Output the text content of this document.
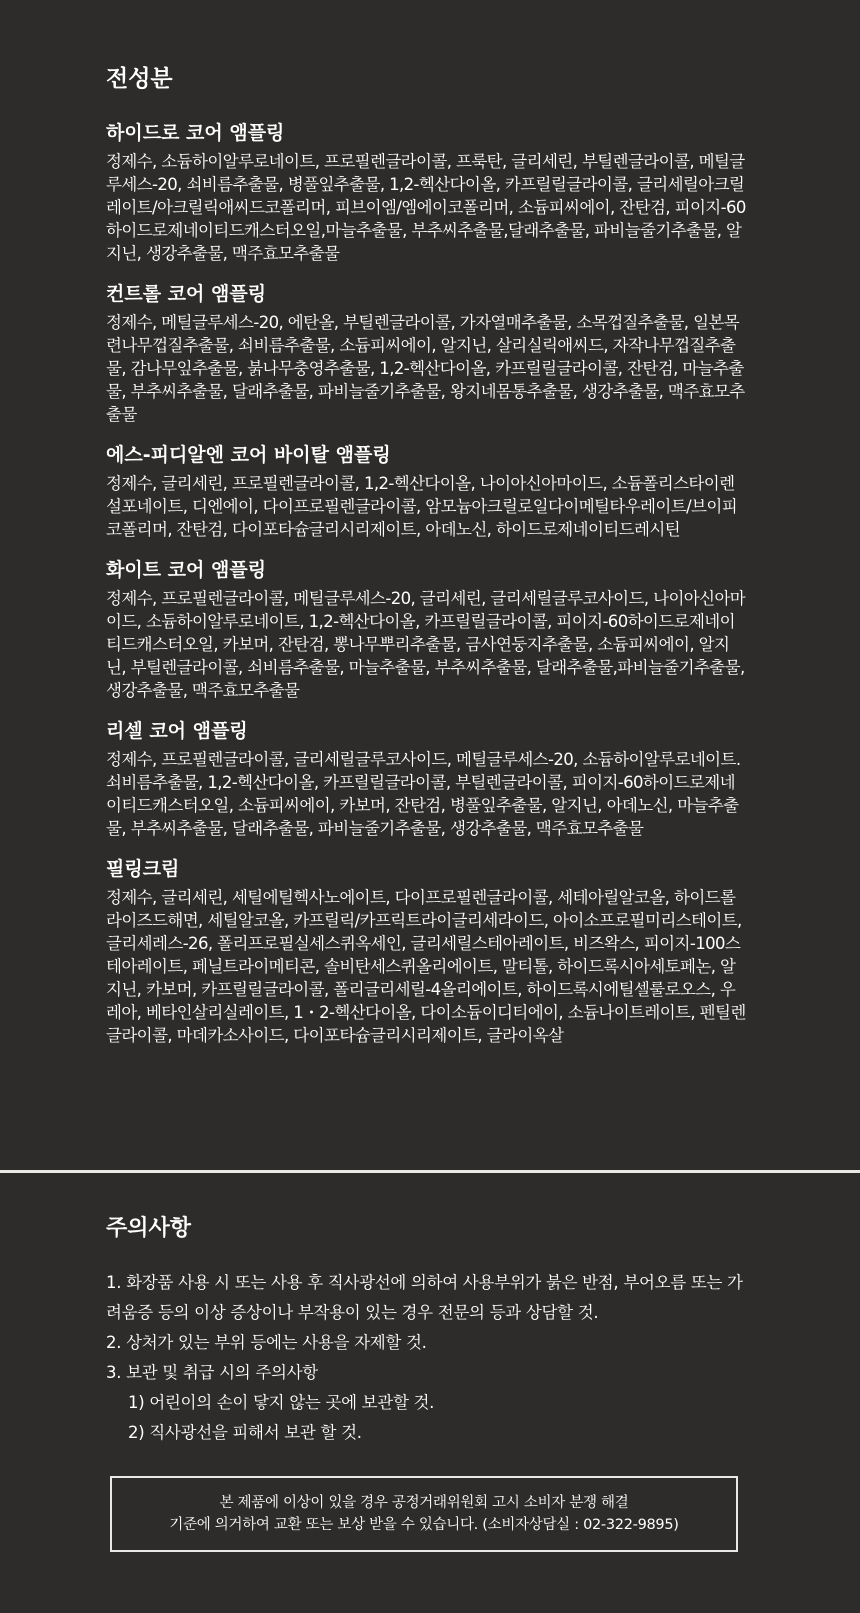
전성분
하이드로 코어 앰플링

정제수, 소듐하이알루로네이트, 프로필렌글라이콜, 프룩탄, 글리세린, 부틸렌글라이콜, 메틸글루세스-20, 쇠비름추출물, 병풀잎추출물, 1,2-헥산다이올, 카프릴릴글라이콜, 글리세릴아크릴레이트/아크릴릭애씨드코폴리머, 피브이엠/엠에이코폴리머, 소듐피씨에이, 잔탄검, 피이지-60하이드로제네이티드캐스터오일,마늘추출물, 부추씨추출물,달래추출물, 파비늘줄기추출물, 알지닌, 생강추출물, 맥주효모추출물

컨트롤 코어 앰플링

정제수, 메틸글루세스-20, 에탄올, 부틸렌글라이콜, 가자열매추출물, 소목껍질추출물, 일본목련나무껍질추출물, 쇠비름추출물, 소듐피씨에이, 알지닌, 살리실릭애씨드, 자작나무껍질추출물, 감나무잎추출물, 붉나무충영추출물, 1,2-헥산다이올, 카프릴릴글라이콜, 잔탄검, 마늘추출물, 부추씨추출물, 달래추출물, 파비늘줄기추출물, 왕지네몸통추출물, 생강추출물, 맥주효모추출물

에스-피디알엔 코어 바이탈 앰플링

정제수, 글리세린, 프로필렌글라이콜, 1,2-헥산다이올, 나이아신아마이드, 소듐폴리스타이렌설포네이트, 디엔에이, 다이프로필렌글라이콜, 암모늄아크릴로일다이메틸타우레이트/브이피코폴리머, 잔탄검, 다이포타슘글리시리제이트, 아데노신, 하이드로제네이티드레시틴

화이트 코어 앰플링

정제수, 프로필렌글라이콜, 메틸글루세스-20, 글리세린, 글리세릴글루코사이드, 나이아신아마이드, 소듐하이알루로네이트, 1,2-헥산다이올, 카프릴릴글라이콜, 피이지-60하이드로제네이티드캐스터오일, 카보머, 잔탄검, 뽕나무뿌리추출물, 금사연둥지추출물, 소듐피씨에이, 알지닌, 부틸렌글라이콜, 쇠비름추출물, 마늘추출물, 부추씨추출물, 달래추출물,파비늘줄기추출물, 생강추출물, 맥주효모추출물

리셀 코어 앰플링

정제수, 프로필렌글라이콜, 글리세릴글루코사이드, 메틸글루세스-20, 소듐하이알루로네이트. 쇠비름추출물, 1,2-헥산다이올, 카프릴릴글라이콜, 부틸렌글라이콜, 피이지-60하이드로제네이티드캐스터오일, 소듐피씨에이, 카보머, 잔탄검, 병풀잎추출물, 알지닌, 아데노신, 마늘추출물, 부추씨추출물, 달래추출물, 파비늘줄기추출물, 생강추출물, 맥주효모추출물

필링크림

정제수, 글리세린, 세틸에틸헥사노에이트, 다이프로필렌글라이콜, 세테아릴알코올, 하이드롤라이즈드해면, 세틸알코올, 카프릴릭/카프릭트라이글리세라이드, 아이소프로필미리스테이트, 글리세레스-26, 폴리프로필실세스퀴옥세인, 글리세릴스테아레이트, 비즈왁스, 피이지-100스테아레이트, 페닐트라이메티콘, 솔비탄세스퀴올리에이트, 말티톨, 하이드록시아세토페논, 알지닌, 카보머, 카프릴릴글라이콜, 폴리글리세릴-4올리에이트, 하이드록시에틸셀룰로오스, 우레아, 베타인살리실레이트, 1・2-헥산다이올, 다이소듐이디티에이, 소듐나이트레이트, 펜틸렌글라이콜, 마데카소사이드, 다이포타슘글리시리제이트, 글라이옥살

주의사항

1. 화장품 사용 시 또는 사용 후 직사광선에 의하여 사용부위가 붉은 반점, 부어오름 또는 가려움증 등의 이상 증상이나 부작용이 있는 경우 전문의 등과 상담할 것.

2. 상처가 있는 부위 등에는 사용을 자제할 것.

3. 보관 및 취급 시의 주의사항

1) 어린이의 손이 닿지 않는 곳에 보관할 것.

2) 직사광선을 피해서 보관 할 것.

본 제품에 이상이 있을 경우 공정거래위원회 고시 소비자 분쟁 해결
기준에 의거하여 교환 또는 보상 받을 수 있습니다. (소비자상담실 : 02-322-9895)
